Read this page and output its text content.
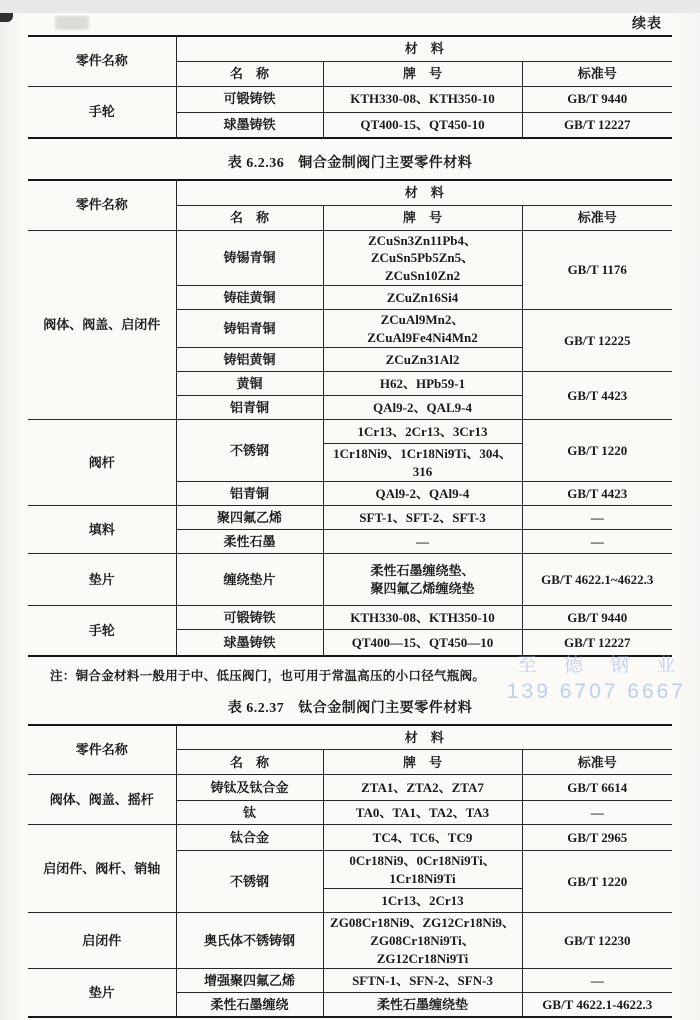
续表
零件名称	材　料		
	名　称	牌　号	标准号
手轮	可锻铸铁	KTH330-08、KTH350-10	GB/T 9440
	球墨铸铁	QT400-15、QT450-10	GB/T 12227
表 6.2.36 铜合金制阀门主要零件材料
零件名称	材　料		
	名　称	牌　号	标准号
阀体、阀盖、启闭件	铸锡青铜	ZCuSn3Zn11Pb4、ZCuSn5Pb5Zn5、
ZCuSn10Zn2	GB/T 1176
	铸硅黄铜	ZCuZn16Si4	
	铸铝青铜	ZCuAl9Mn2、ZCuAl9Fe4Ni4Mn2	GB/T 12225
	铸铝黄铜	ZCuZn31Al2	
	黄铜	H62、HPb59-1	GB/T 4423
	铝青铜	QAl9-2、QAL9-4	
阀杆	不锈钢	1Cr13、2Cr13、3Cr13	GB/T 1220
		1Cr18Ni9、1Cr18Ni9Ti、304、316	
	铝青铜	QAl9-2、QAl9-4	GB/T 4423
填料	聚四氟乙烯	SFT-1、SFT-2、SFT-3	—
	柔性石墨	—	—
垫片	缠绕垫片	柔性石墨缠绕垫、
聚四氟乙烯缠绕垫	GB/T 4622.1~4622.3
手轮	可锻铸铁	KTH330-08、KTH350-10	GB/T 9440
	球墨铸铁	QT400—15、QT450—10	GB/T 12227
注：铜合金材料一般用于中、低压阀门，也可用于常温高压的小口径气瓶阀。	至 德 钢 业
139 6707 6667
表 6.2.37 钛合金制阀门主要零件材料
零件名称	材　料		
	名　称	牌　号	标准号
阀体、阀盖、摇杆	铸钛及钛合金	ZTA1、ZTA2、ZTA7	GB/T 6614
	钛	TA0、TA1、TA2、TA3	—
启闭件、阀杆、销轴	钛合金	TC4、TC6、TC9	GB/T 2965
	不锈钢	0Cr18Ni9、0Cr18Ni9Ti、1Cr18Ni9Ti	GB/T 1220
		1Cr13、2Cr13	
启闭件	奥氏体不锈铸钢	ZG08Cr18Ni9、ZG12Cr18Ni9、
ZG08Cr18Ni9Ti、ZG12Cr18Ni9Ti	GB/T 12230
垫片	增强聚四氟乙烯	SFTN-1、SFN-2、SFN-3	—
	柔性石墨缠绕	柔性石墨缠绕垫	GB/T 4622.1-4622.3
